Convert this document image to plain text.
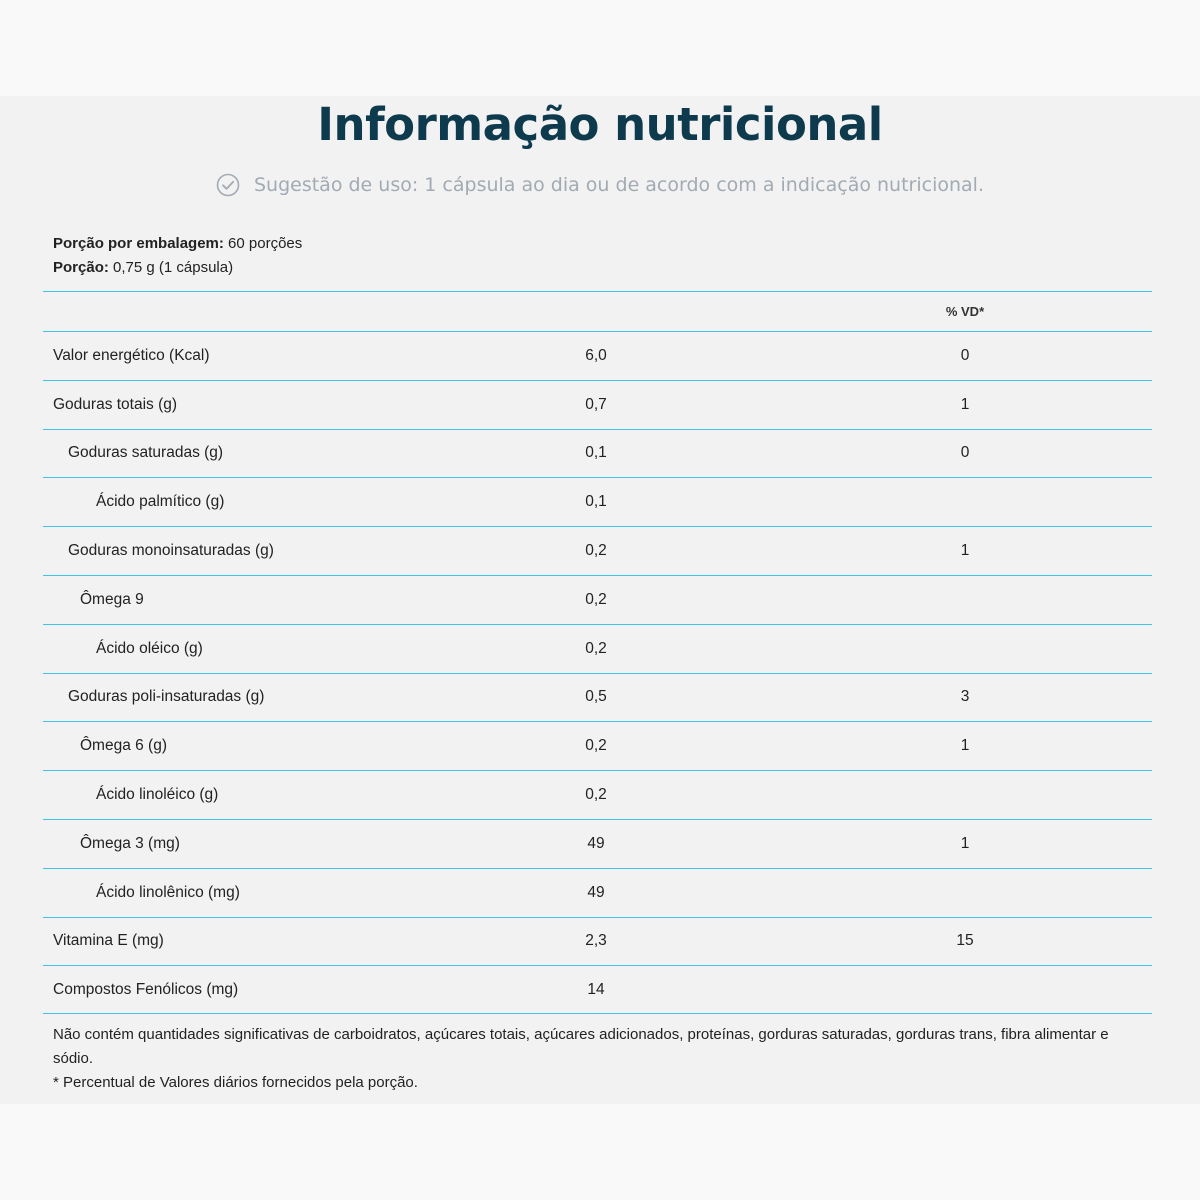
Informação nutricional
Sugestão de uso: 1 cápsula ao dia ou de acordo com a indicação nutricional.
Porção por embalagem: 60 porções
Porção: 0,75 g (1 cápsula)
% VD*
Valor energético (Kcal)	6,0	0
Goduras totais (g)	0,7	1
Goduras saturadas (g)	0,1	0
Ácido palmítico (g)	0,1
Goduras monoinsaturadas (g)	0,2	1
Ômega 9	0,2
Ácido oléico (g)	0,2
Goduras poli-insaturadas (g)	0,5	3
Ômega 6 (g)	0,2	1
Ácido linoléico (g)	0,2
Ômega 3 (mg)	49	1
Ácido linolênico (mg)	49
Vitamina E (mg)	2,3	15
Compostos Fenólicos (mg)	14
Não contém quantidades significativas de carboidratos, açúcares totais, açúcares adicionados, proteínas, gorduras saturadas, gorduras trans, fibra alimentar e sódio.
* Percentual de Valores diários fornecidos pela porção.
